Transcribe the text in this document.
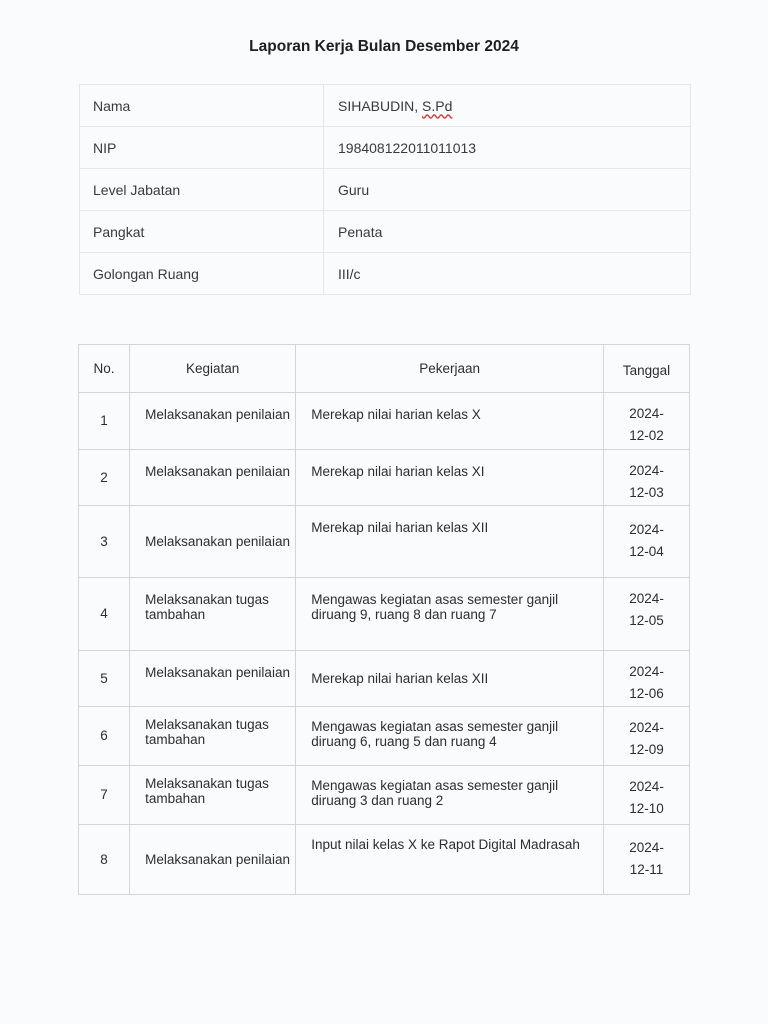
Laporan Kerja Bulan Desember 2024
Nama	SIHABUDIN, S.Pd
NIP	198408122011011013
Level Jabatan	Guru
Pangkat	Penata
Golongan Ruang	III/c
No.	Kegiatan	Pekerjaan	Tanggal
1	Melaksanakan penilaian	Merekap nilai harian kelas X	2024-
12-02

2	Melaksanakan penilaian	Merekap nilai harian kelas XI	2024-
12-03

3	Melaksanakan penilaian	Merekap nilai harian kelas XII	2024-
12-04

4	Melaksanakan tugas tambahan	Mengawas kegiatan asas semester ganjil diruang 9, ruang 8 dan ruang 7	2024-
12-05

5	Melaksanakan penilaian	Merekap nilai harian kelas XII	2024-
12-06

6	Melaksanakan tugas tambahan	Mengawas kegiatan asas semester ganjil diruang 6, ruang 5 dan ruang 4	2024-
12-09

7	Melaksanakan tugas tambahan	Mengawas kegiatan asas semester ganjil diruang 3 dan ruang 2	2024-
12-10

8	Melaksanakan penilaian	Input nilai kelas X ke Rapot Digital Madrasah	2024-
12-11
